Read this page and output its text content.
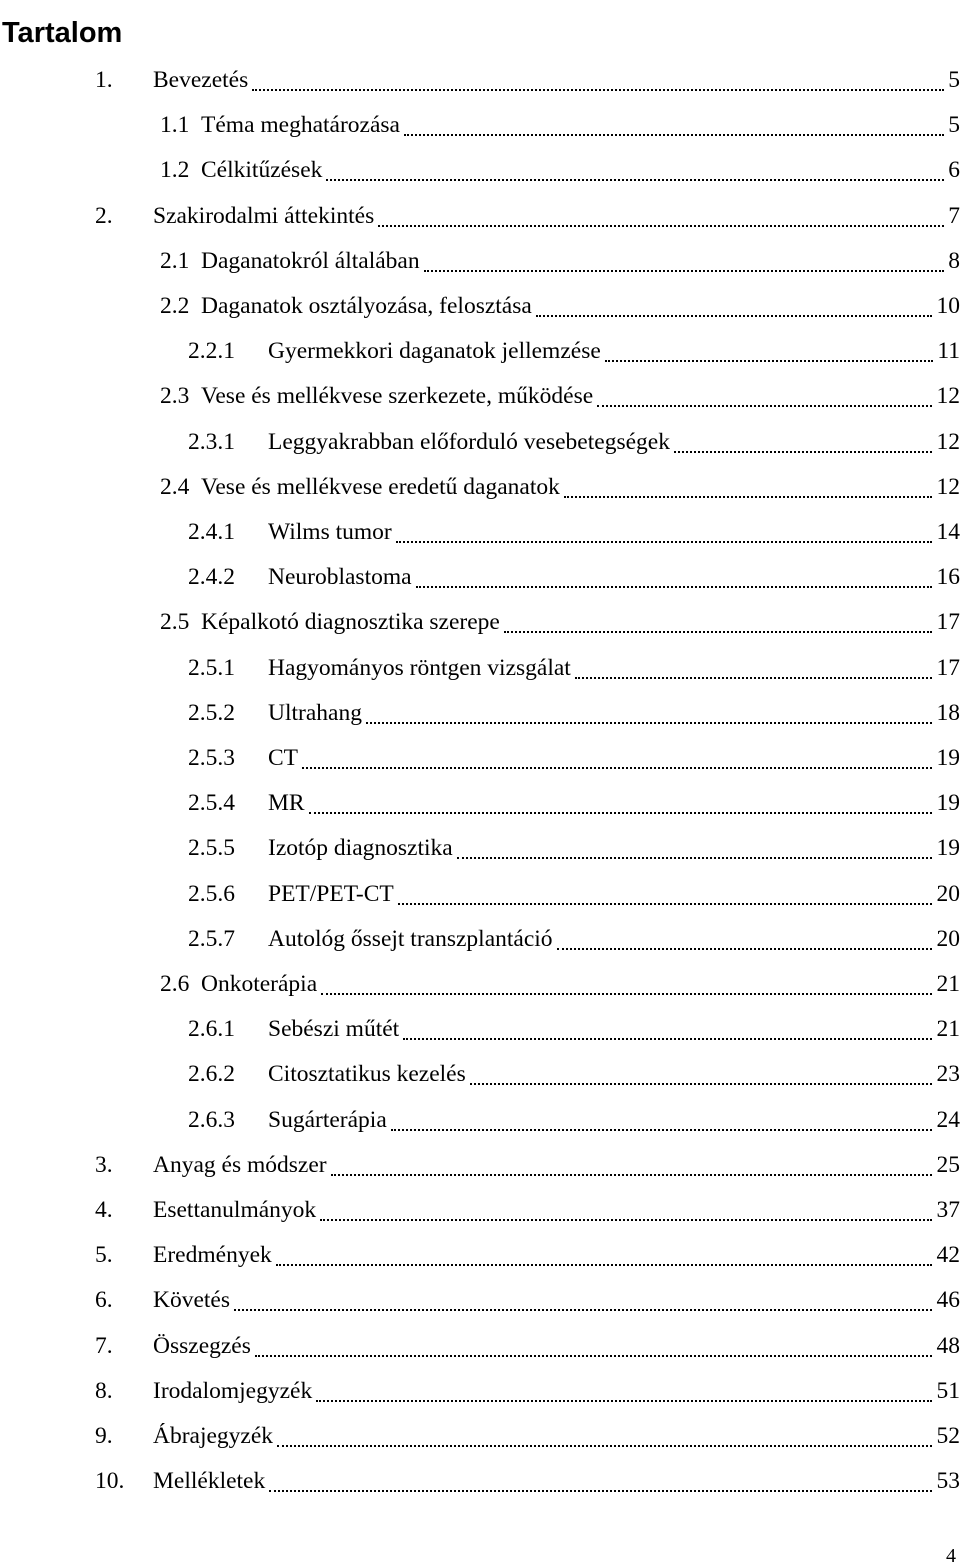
Tartalom
1. Bevezetés	5
1.1 Téma meghatározása	5
1.2 Célkitűzések	6
2. Szakirodalmi áttekintés	7
2.1 Daganatokról általában	8
2.2 Daganatok osztályozása, felosztása	10
2.2.1 Gyermekkori daganatok jellemzése	11
2.3 Vese és mellékvese szerkezete, működése	12
2.3.1 Leggyakrabban előforduló vesebetegségek	12
2.4 Vese és mellékvese eredetű daganatok	12
2.4.1 Wilms tumor	14
2.4.2 Neuroblastoma	16
2.5 Képalkotó diagnosztika szerepe	17
2.5.1 Hagyományos röntgen vizsgálat	17
2.5.2 Ultrahang	18
2.5.3 CT	19
2.5.4 MR	19
2.5.5 Izotóp diagnosztika	19
2.5.6 PET/PET-CT	20
2.5.7 Autológ őssejt transzplantáció	20
2.6 Onkoterápia	21
2.6.1 Sebészi műtét	21
2.6.2 Citosztatikus kezelés	23
2.6.3 Sugárterápia	24
3. Anyag és módszer	25
4. Esettanulmányok	37
5. Eredmények	42
6. Követés	46
7. Összegzés	48
8. Irodalomjegyzék	51
9. Ábrajegyzék	52
10. Mellékletek	53
4
